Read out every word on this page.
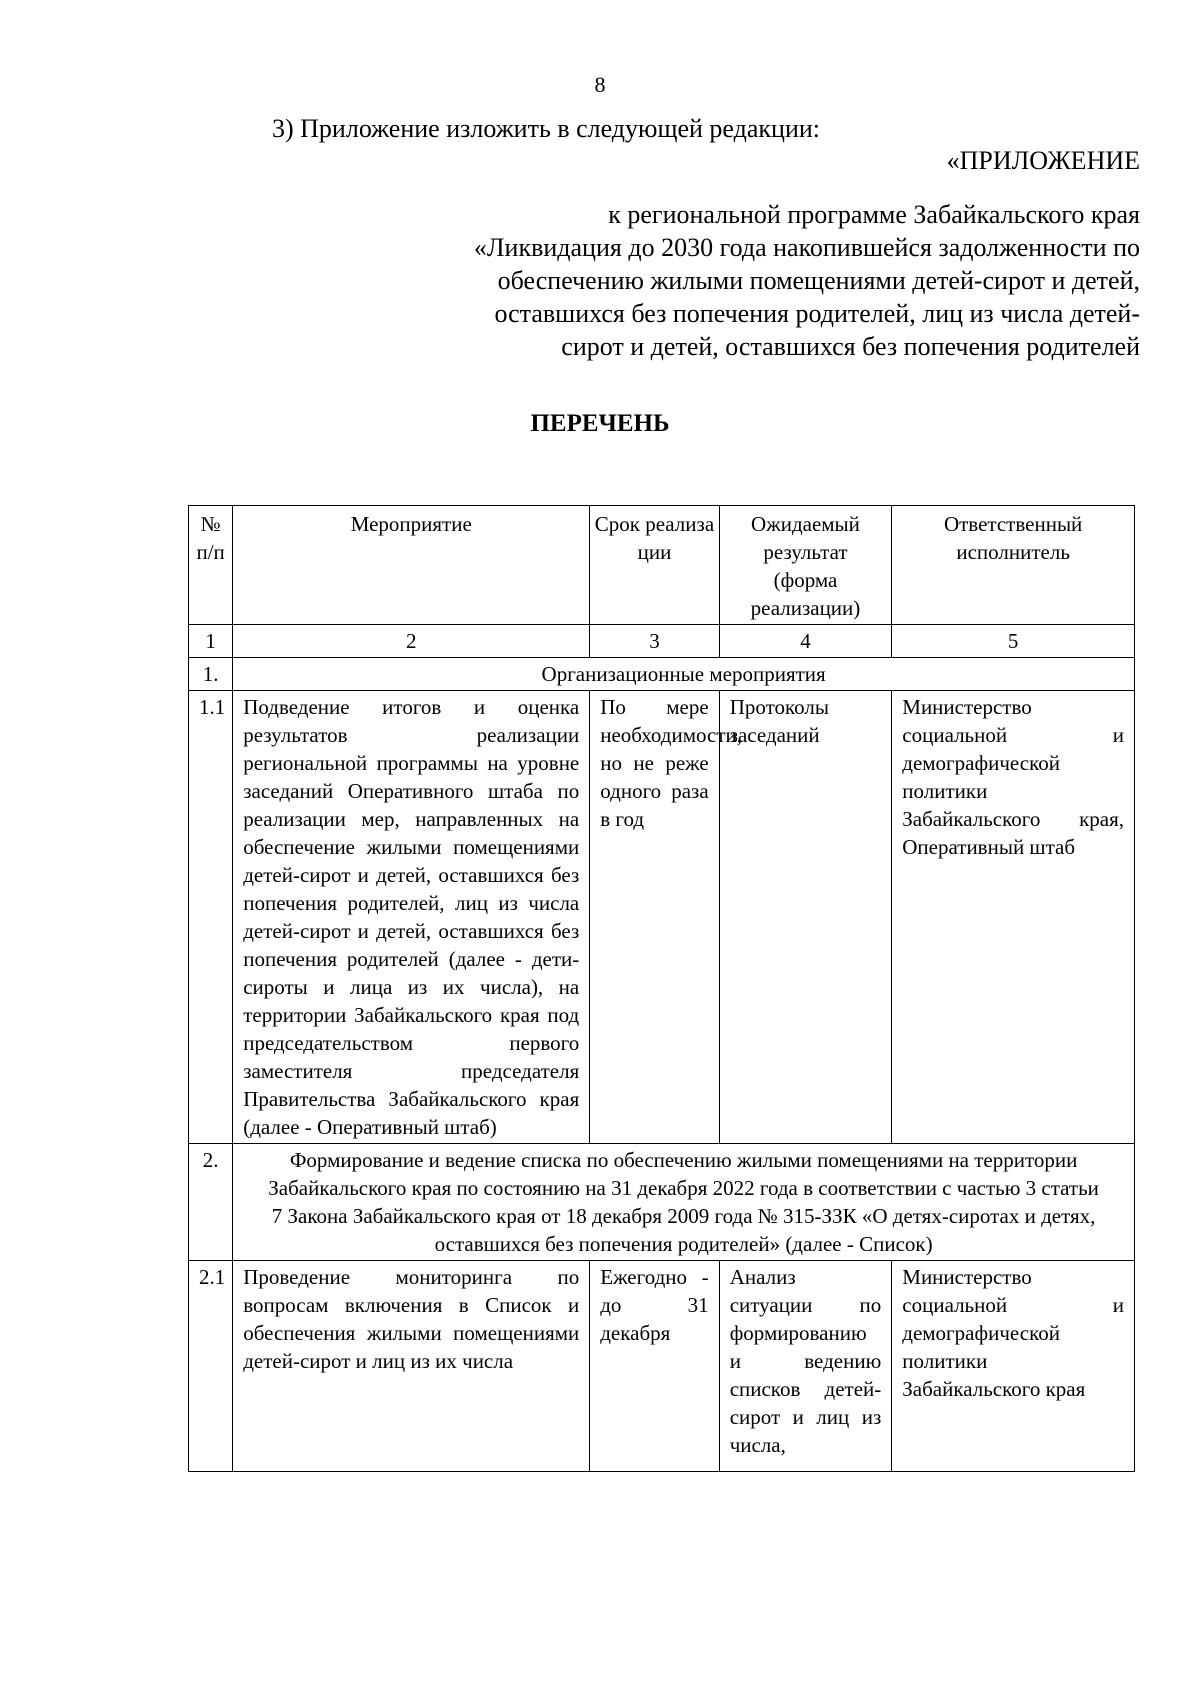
8
3) Приложение изложить в следующей редакции:
«ПРИЛОЖЕНИЕ
к региональной программе Забайкальского края
«Ликвидация до 2030 года накопившейся задолженности по
обеспечению жилыми помещениями детей-сирот и детей,
оставшихся без попечения родителей, лиц из числа детей-
сирот и детей, оставшихся без попечения родителей
ПЕРЕЧЕНЬ
№ п/п	Мероприятие	Срок реализации	Ожидаемый результат (форма реализации)	Ответственный исполнитель
1	2	3	4	5
1.	Организационные мероприятия			
1.1	Подведение итогов и оценка результатов реализации региональной программы на уровне заседаний Оперативного штаба по реализации мер, направленных на обеспечение жилыми помещениями детей-сирот и детей, оставшихся без попечения родителей, лиц из числа детей-сирот и детей, оставшихся без попечения родителей (далее - дети-сироты и лица из их числа), на территории Забайкальского края под председательством первого заместителя председателя Правительства Забайкальского края (далее - Оперативный штаб)	По мере необходимости, но не реже одного раза в год	Протоколы заседаний	Министерство социальной и демографической политики Забайкальского края, Оперативный штаб
2.	Формирование и ведение списка по обеспечению жилыми помещениями на территории Забайкальского края по состоянию на 31 декабря 2022 года в соответствии с частью 3 статьи 7 Закона Забайкальского края от 18 декабря 2009 года № 315-ЗЗК «О детях-сиротах и детях, оставшихся без попечения родителей» (далее - Список)			
2.1	Проведение мониторинга по вопросам включения в Список и обеспечения жилыми помещениями детей-сирот и лиц из их числа	Ежегодно - до 31 декабря	Анализ ситуации по формированию и ведению списков детей-сирот и лиц из числа,	Министерство социальной и демографической политики Забайкальского края
